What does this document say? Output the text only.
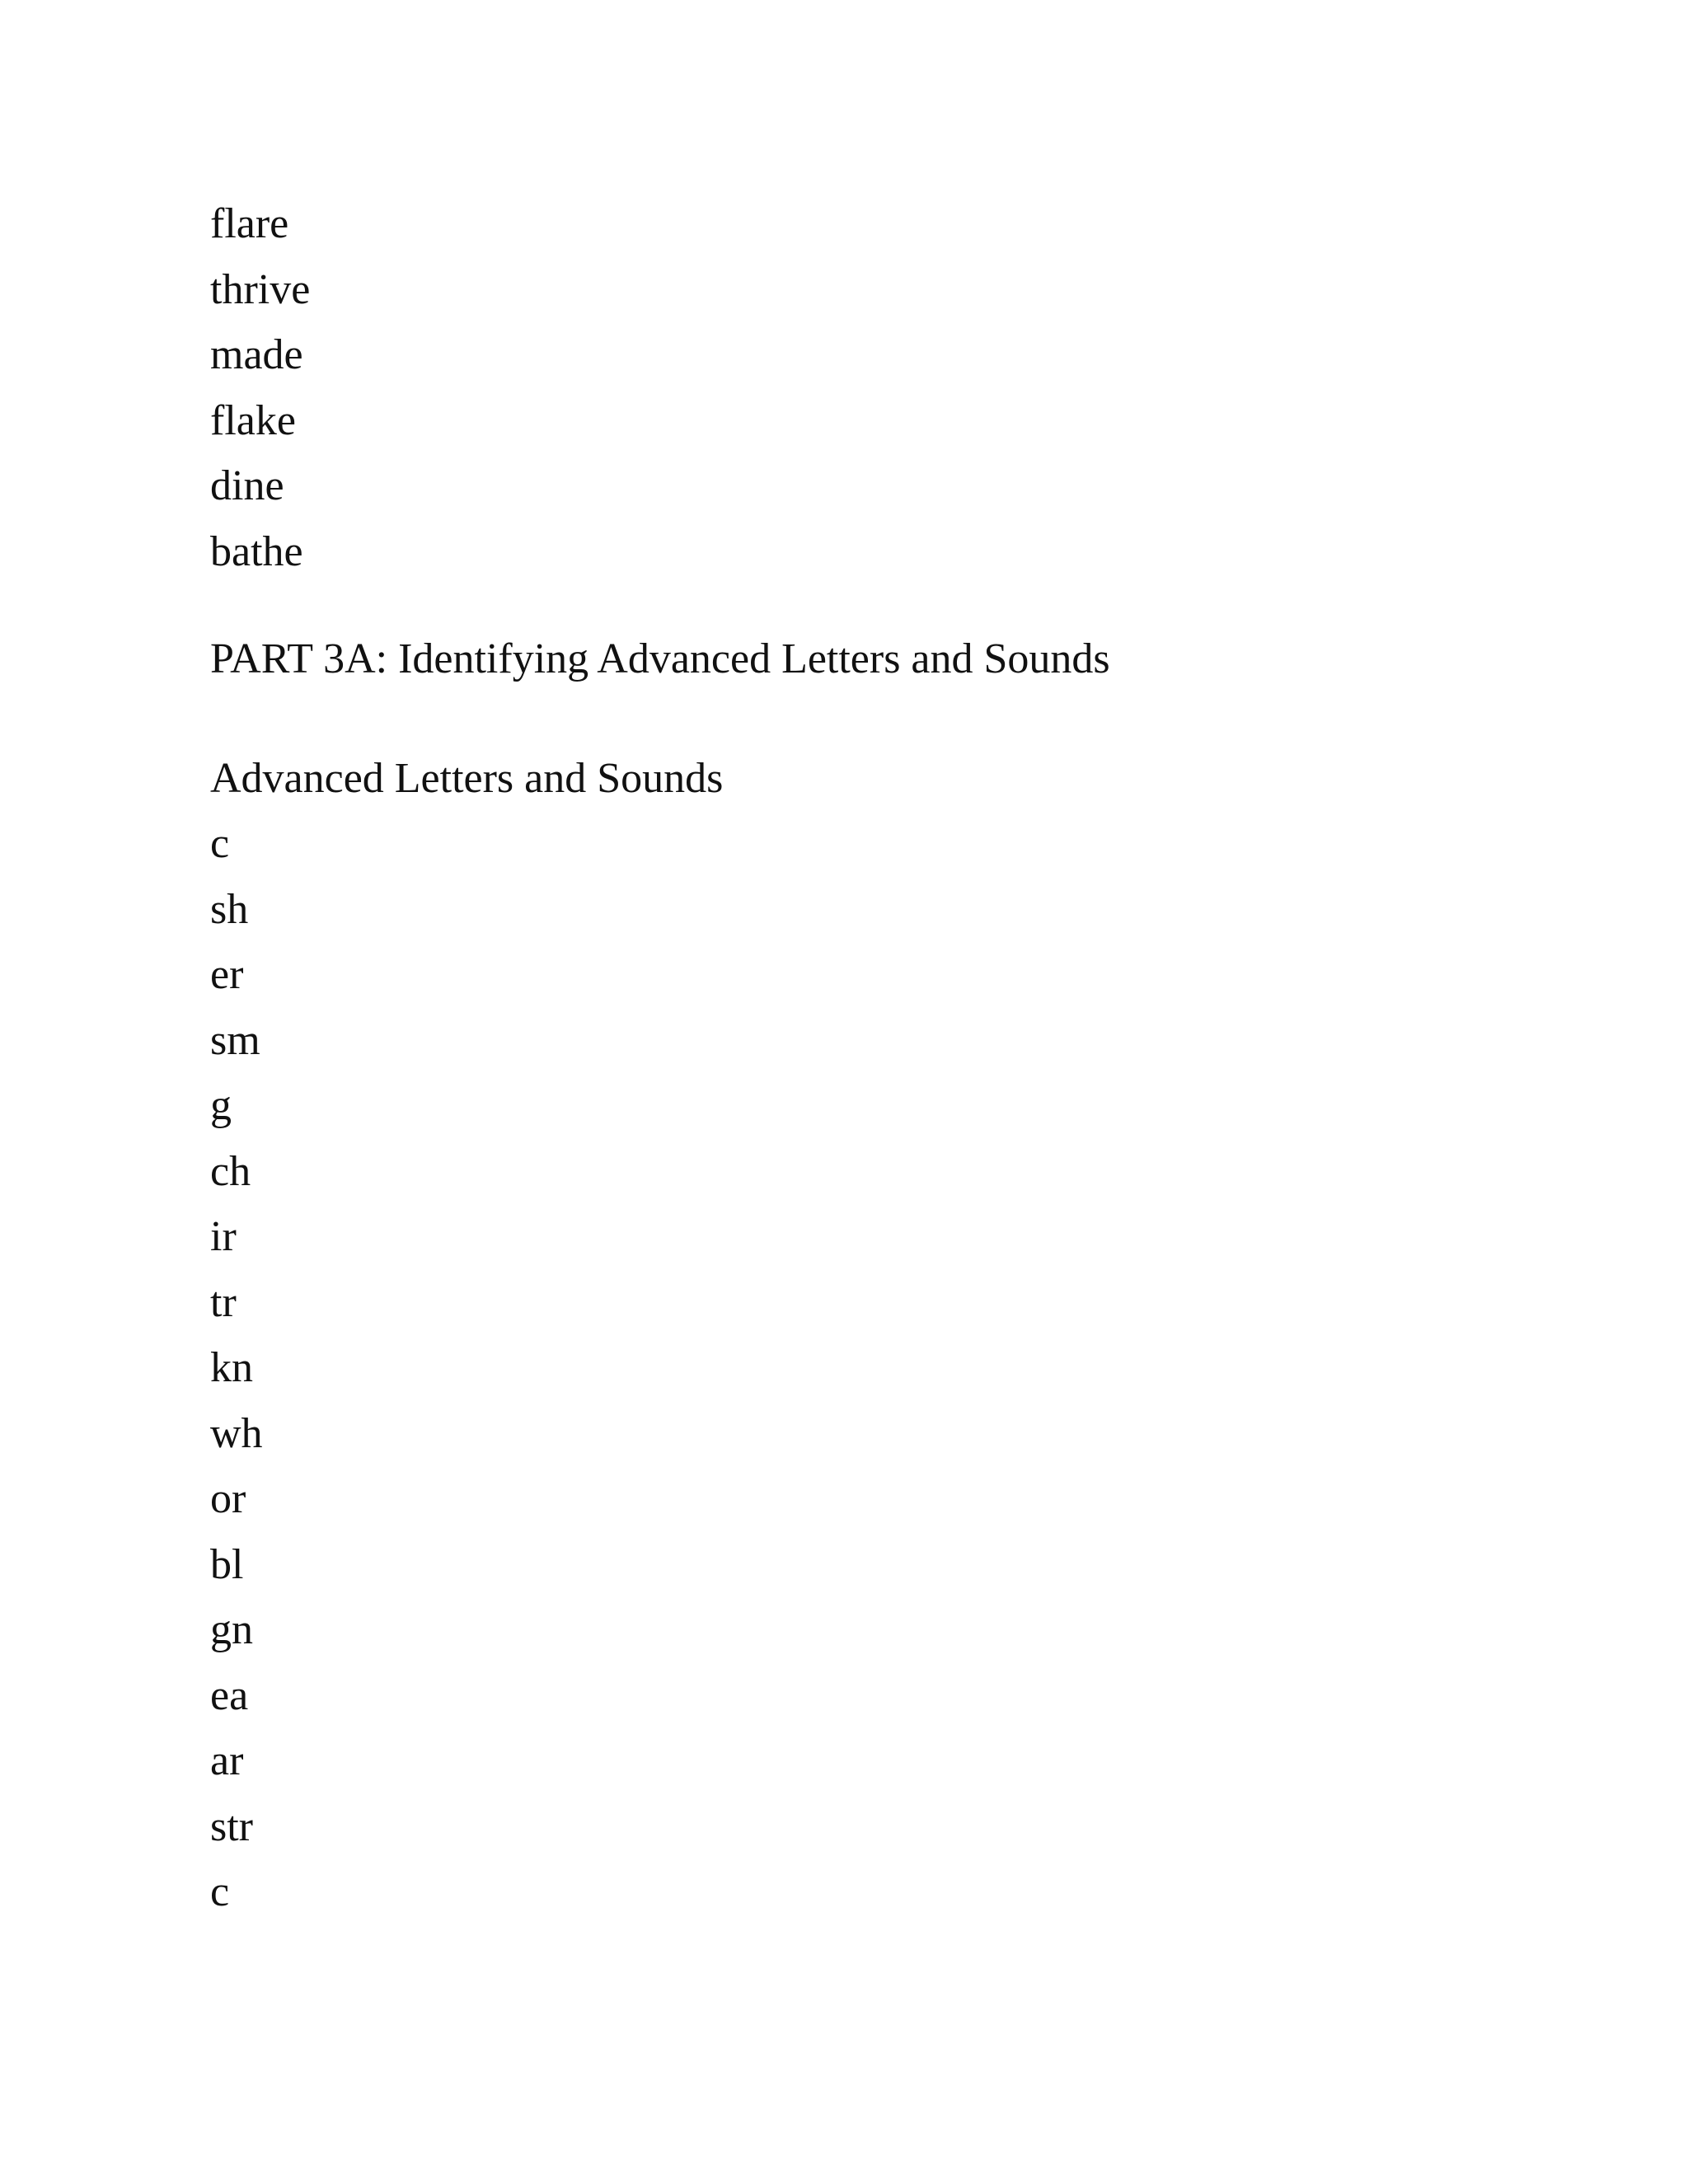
flare
thrive
made
flake
dine
bathe
PART 3A: Identifying Advanced Letters and Sounds
Advanced Letters and Sounds
c
sh
er
sm
g
ch
ir
tr
kn
wh
or
bl
gn
ea
ar
str
c
